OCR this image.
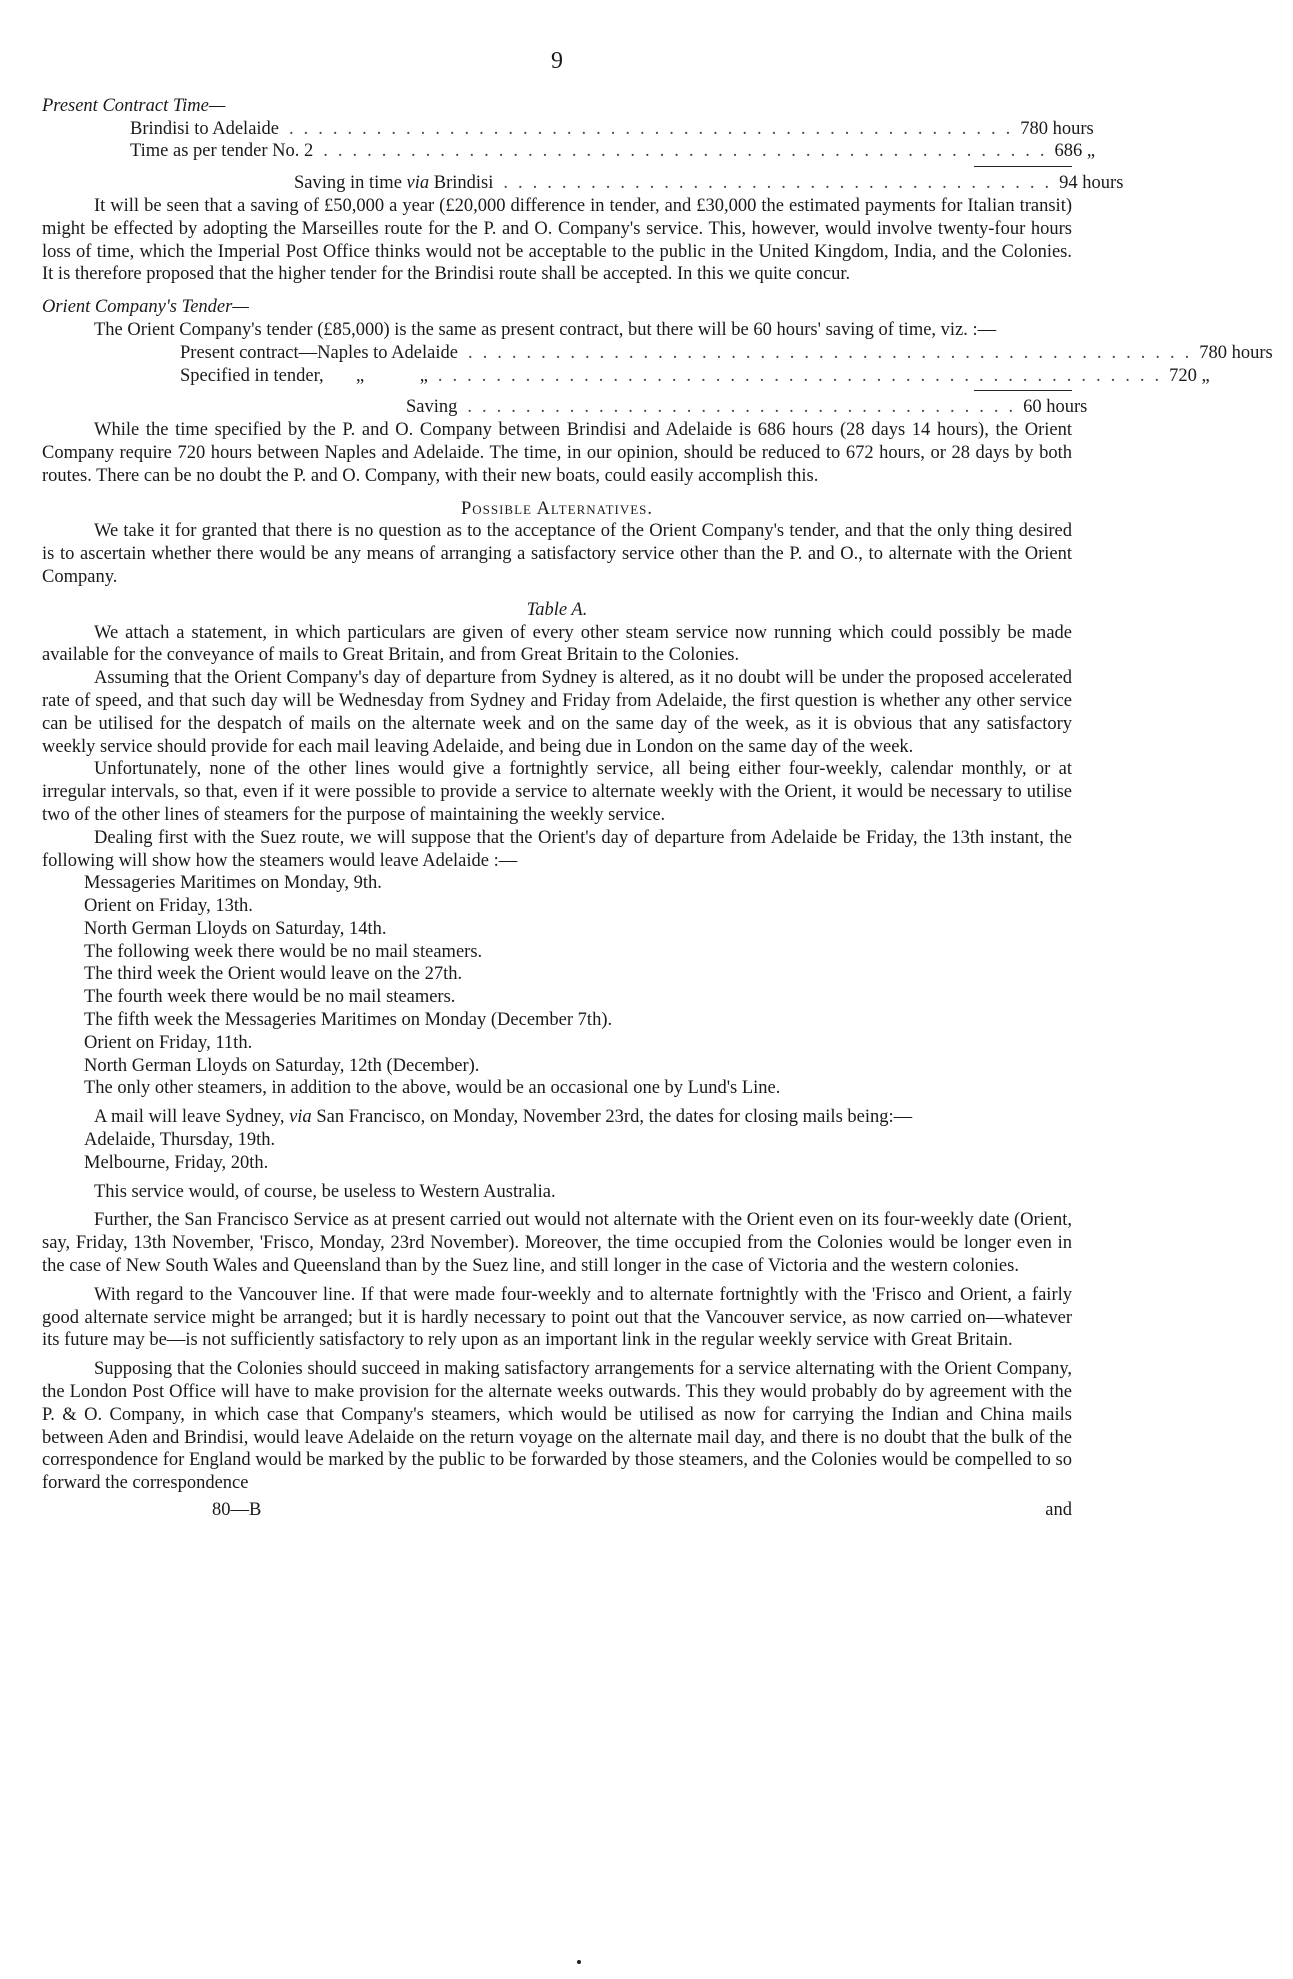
9
Present Contract Time—
Brindisi to Adelaide .................................................. 780 hours
Time as per tender No. 2 .................................................. 686 „
Saving in time via Brindisi ...................................... 94 hours

It will be seen that a saving of £50,000 a year (£20,000 difference in tender, and £30,000 the estimated payments for Italian transit) might be effected by adopting the Marseilles route for the P. and O. Company's service. This, however, would involve twenty-four hours loss of time, which the Imperial Post Office thinks would not be acceptable to the public in the United Kingdom, India, and the Colonies. It is therefore proposed that the higher tender for the Brindisi route shall be accepted. In this we quite concur.

Orient Company's Tender—

The Orient Company's tender (£85,000) is the same as present contract, but there will be 60 hours' saving of time, viz. :—

Present contract—Naples to Adelaide .................................................. 780 hours
Specified in tender,       „            „ .................................................. 720 „
Saving ...................................... 60 hours

While the time specified by the P. and O. Company between Brindisi and Adelaide is 686 hours (28 days 14 hours), the Orient Company require 720 hours between Naples and Adelaide. The time, in our opinion, should be reduced to 672 hours, or 28 days by both routes. There can be no doubt the P. and O. Company, with their new boats, could easily accomplish this.

Possible Alternatives.

We take it for granted that there is no question as to the acceptance of the Orient Company's tender, and that the only thing desired is to ascertain whether there would be any means of arranging a satisfactory service other than the P. and O., to alternate with the Orient Company.

Table A.

We attach a statement, in which particulars are given of every other steam service now running which could possibly be made available for the conveyance of mails to Great Britain, and from Great Britain to the Colonies.

Assuming that the Orient Company's day of departure from Sydney is altered, as it no doubt will be under the proposed accelerated rate of speed, and that such day will be Wednesday from Sydney and Friday from Adelaide, the first question is whether any other service can be utilised for the despatch of mails on the alternate week and on the same day of the week, as it is obvious that any satisfactory weekly service should provide for each mail leaving Adelaide, and being due in London on the same day of the week.

Unfortunately, none of the other lines would give a fortnightly service, all being either four-weekly, calendar monthly, or at irregular intervals, so that, even if it were possible to provide a service to alternate weekly with the Orient, it would be necessary to utilise two of the other lines of steamers for the purpose of maintaining the weekly service.

Dealing first with the Suez route, we will suppose that the Orient's day of departure from Adelaide be Friday, the 13th instant, the following will show how the steamers would leave Adelaide :—

Messageries Maritimes on Monday, 9th.
Orient on Friday, 13th.
North German Lloyds on Saturday, 14th.
The following week there would be no mail steamers.
The third week the Orient would leave on the 27th.
The fourth week there would be no mail steamers.
The fifth week the Messageries Maritimes on Monday (December 7th).
Orient on Friday, 11th.
North German Lloyds on Saturday, 12th (December).
The only other steamers, in addition to the above, would be an occasional one by Lund's Line.

A mail will leave Sydney, via San Francisco, on Monday, November 23rd, the dates for closing mails being:—

Adelaide, Thursday, 19th.
Melbourne, Friday, 20th.

This service would, of course, be useless to Western Australia.

Further, the San Francisco Service as at present carried out would not alternate with the Orient even on its four-weekly date (Orient, say, Friday, 13th November, 'Frisco, Monday, 23rd November). Moreover, the time occupied from the Colonies would be longer even in the case of New South Wales and Queensland than by the Suez line, and still longer in the case of Victoria and the western colonies.

With regard to the Vancouver line. If that were made four-weekly and to alternate fortnightly with the 'Frisco and Orient, a fairly good alternate service might be arranged; but it is hardly necessary to point out that the Vancouver service, as now carried on—whatever its future may be—is not sufficiently satisfactory to rely upon as an important link in the regular weekly service with Great Britain.

Supposing that the Colonies should succeed in making satisfactory arrangements for a service alternating with the Orient Company, the London Post Office will have to make provision for the alternate weeks outwards. This they would probably do by agreement with the P. & O. Company, in which case that Company's steamers, which would be utilised as now for carrying the Indian and China mails between Aden and Brindisi, would leave Adelaide on the return voyage on the alternate mail day, and there is no doubt that the bulk of the correspondence for England would be marked by the public to be forwarded by those steamers, and the Colonies would be compelled to so forward the correspondence

80—B	and
